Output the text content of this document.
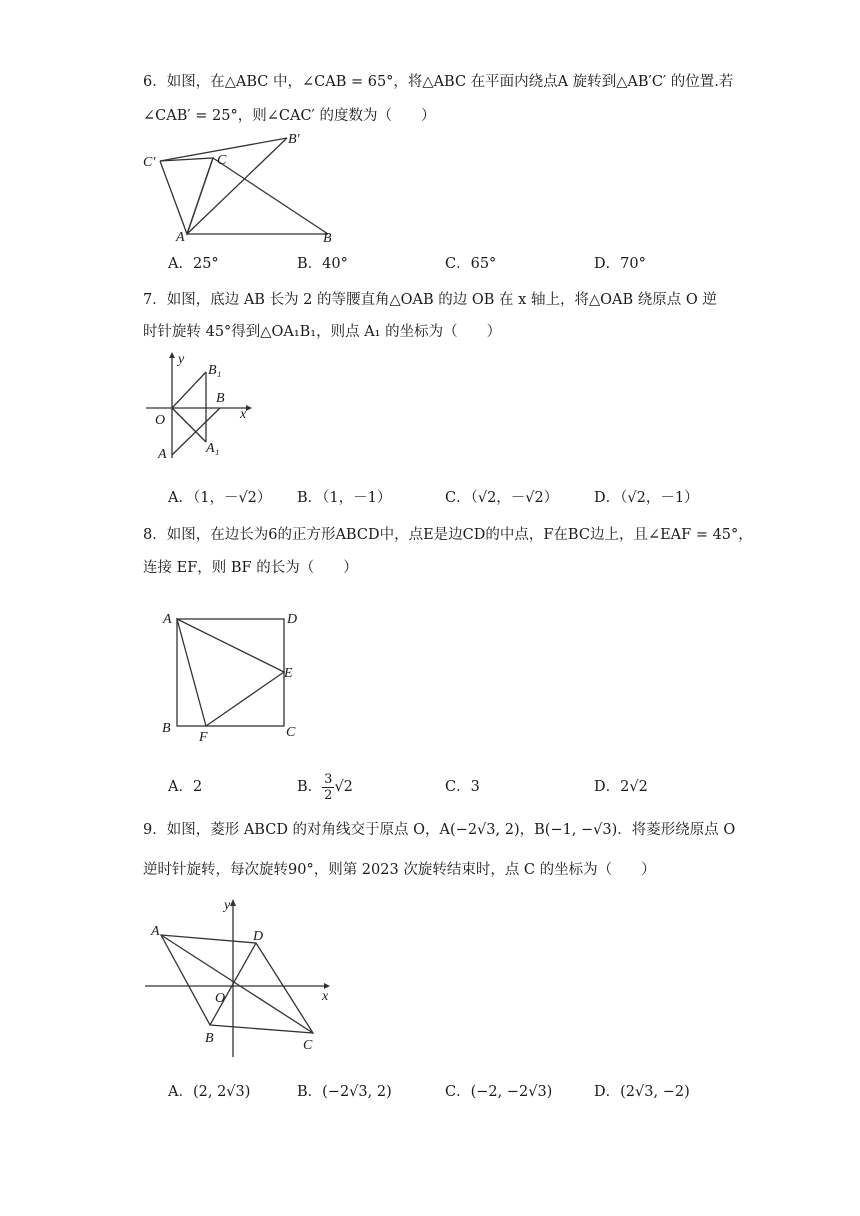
6．如图，在△ABC 中，∠CAB = 65°，将△ABC 在平面内绕点A 旋转到△AB′C′ 的位置.若
∠CAB′ = 25°，则∠CAC′ 的度数为（　　）
C′	C
B′
A	B
A．25°	B．40°	C．65°	D．70°
7．如图，底边 AB 长为 2 的等腰直角△OAB 的边 OB 在 x 轴上，将△OAB 绕原点 O 逆
时针旋转 45°得到△OA₁B₁，则点 A₁ 的坐标为（　　）
y
x
O
B₁
B
A₁
A
A．（1，－√2） B．（1，－1）	C．（√2，－√2） D．（√2，－1）
8．如图，在边长为6的正方形ABCD中，点E是边CD的中点，F在BC边上，且∠EAF = 45°，
连接 EF，则 BF 的长为（　　）
A	D
E
B
F	C
A．2	B． $\frac{3}{2} √2$	C．3	D．2√2
9．如图，菱形 ABCD 的对角线交于原点 O，A(−2√3, 2)，B(−1, −√3)．将菱形绕原点 O
逆时针旋转，每次旋转90°，则第 2023 次旋转结束时，点 C 的坐标为（　　）
y
x
O
A	D
B	C
A．(2, 2√3)	B．(−2√3, 2)	C．(−2, −2√3)	D．(2√3, −2)
